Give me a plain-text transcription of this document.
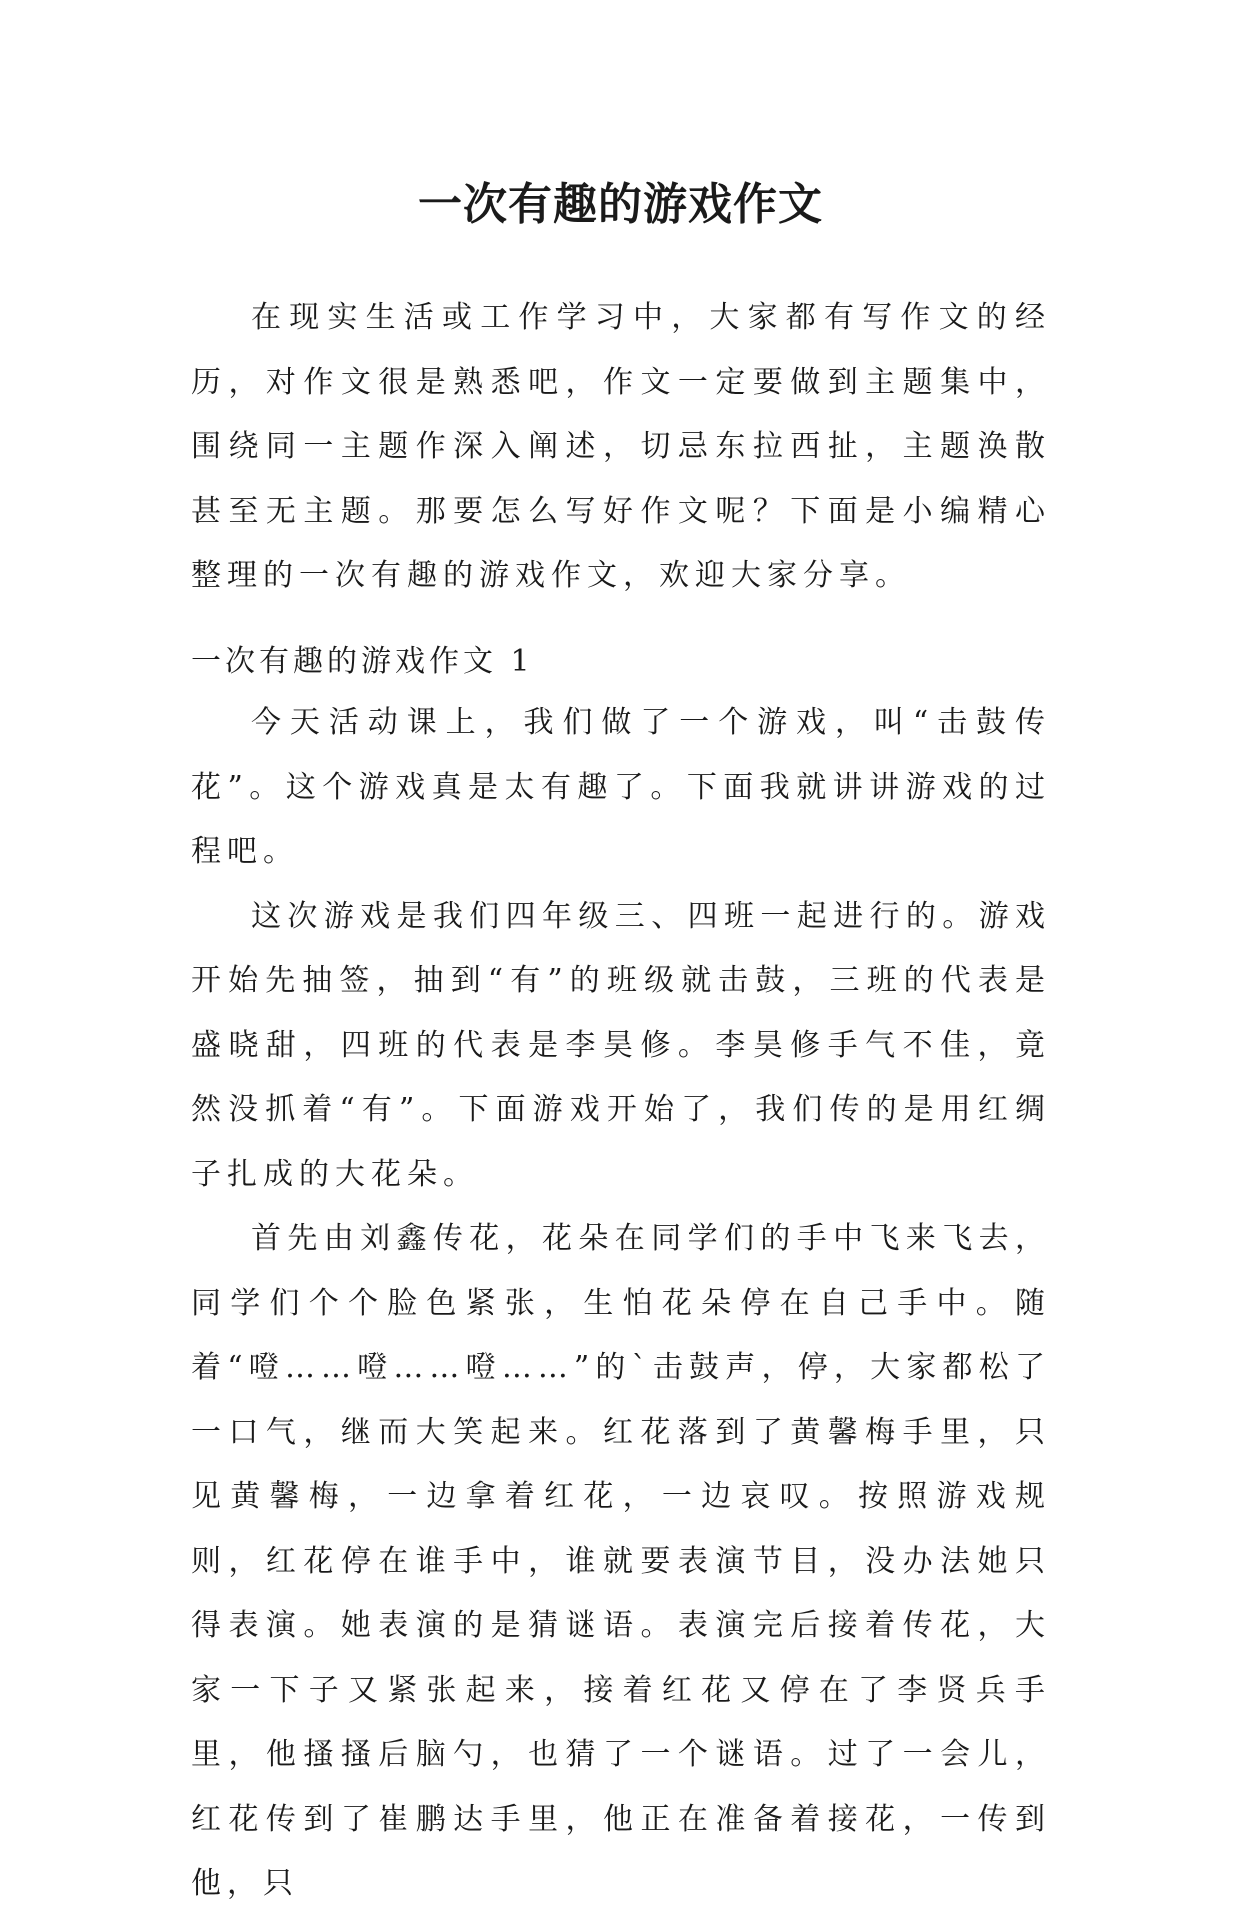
一次有趣的游戏作文

在现实生活或工作学习中，大家都有写作文的经历，对作文很是熟悉吧，作文一定要做到主题集中，围绕同一主题作深入阐述，切忌东拉西扯，主题涣散甚至无主题。那要怎么写好作文呢？下面是小编精心整理的一次有趣的游戏作文，欢迎大家分享。

一次有趣的游戏作文 1

今天活动课上，我们做了一个游戏，叫“击鼓传花”。这个游戏真是太有趣了。下面我就讲讲游戏的过程吧。

这次游戏是我们四年级三、四班一起进行的。游戏开始先抽签，抽到“有”的班级就击鼓，三班的代表是盛晓甜，四班的代表是李昊修。李昊修手气不佳，竟然没抓着“有”。下面游戏开始了，我们传的是用红绸子扎成的大花朵。

首先由刘鑫传花，花朵在同学们的手中飞来飞去，同学们个个脸色紧张，生怕花朵停在自己手中。随着“噔……噔……噔……”的`击鼓声，停，大家都松了一口气，继而大笑起来。红花落到了黄馨梅手里，只见黄馨梅，一边拿着红花，一边哀叹。按照游戏规则，红花停在谁手中，谁就要表演节目，没办法她只得表演。她表演的是猜谜语。表演完后接着传花，大家一下子又紧张起来，接着红花又停在了李贤兵手里，他搔搔后脑勺，也猜了一个谜语。过了一会儿，红花传到了崔鹏达手里，他正在准备着接花，一传到他，只
